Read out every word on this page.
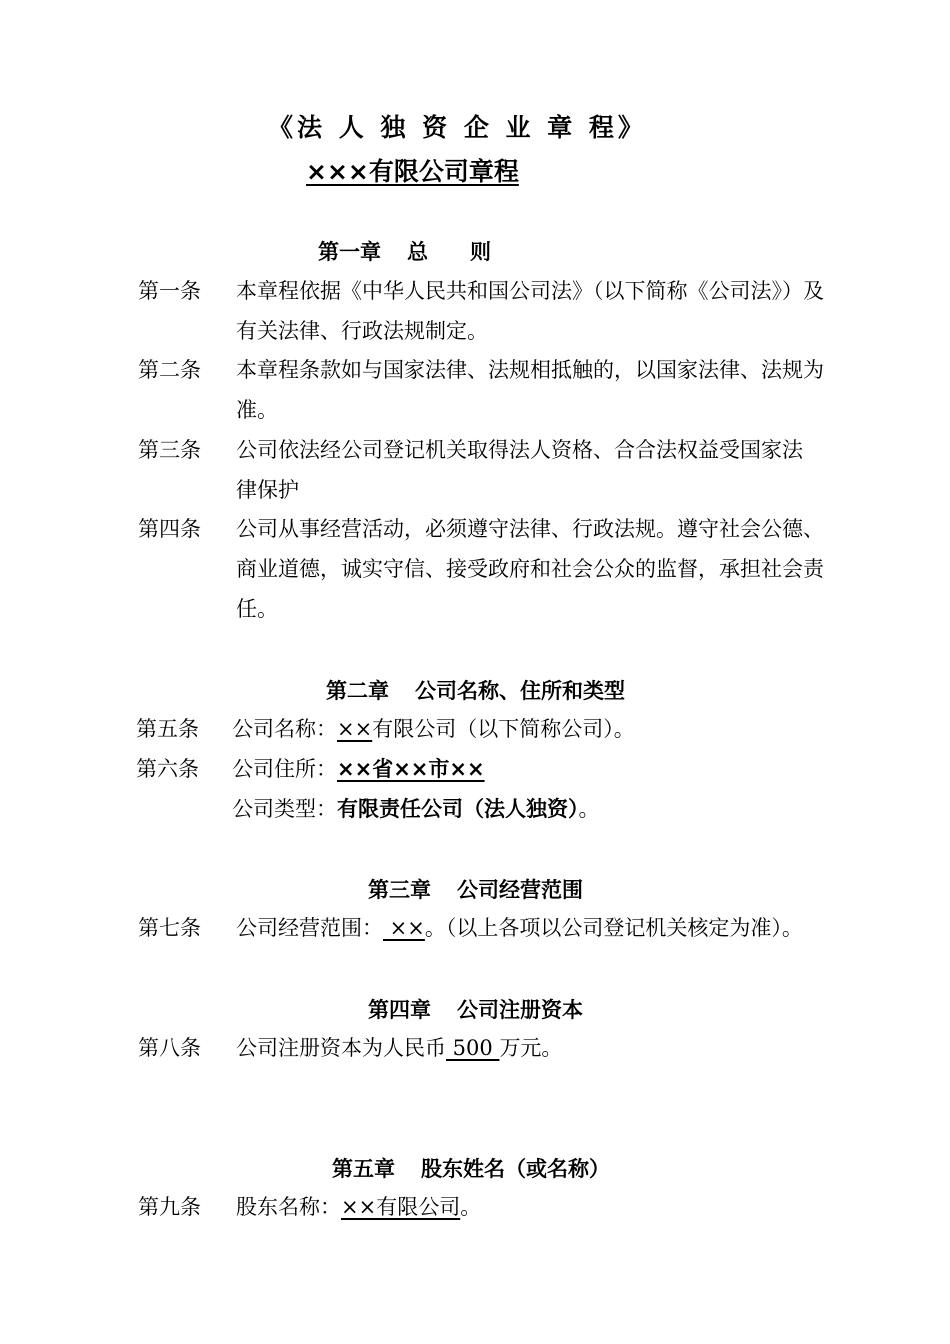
《法 人 独 资 企 业 章 程》
×××有限公司章程
第一章 总　　则
第一条 本章程依据《中华人民共和国公司法》（以下简称《公司法》）及
有关法律、行政法规制定。
第二条 本章程条款如与国家法律、法规相抵触的，以国家法律、法规为
准。
第三条 公司依法经公司登记机关取得法人资格、合合法权益受国家法
律保护
第四条 公司从事经营活动，必须遵守法律、行政法规。遵守社会公德、
商业道德，诚实守信、接受政府和社会公众的监督，承担社会责
任。
第二章 公司名称、住所和类型
第五条 公司名称：××有限公司（以下简称公司）。
第六条 公司住所：××省××市××
公司类型：有限责任公司（法人独资）。
第三章 公司经营范围
第七条 公司经营范围： ××。（以上各项以公司登记机关核定为准）。
第四章 公司注册资本
第八条 公司注册资本为人民币 500 万元。
第五章 股东姓名（或名称）
第九条 股东名称：××有限公司。
